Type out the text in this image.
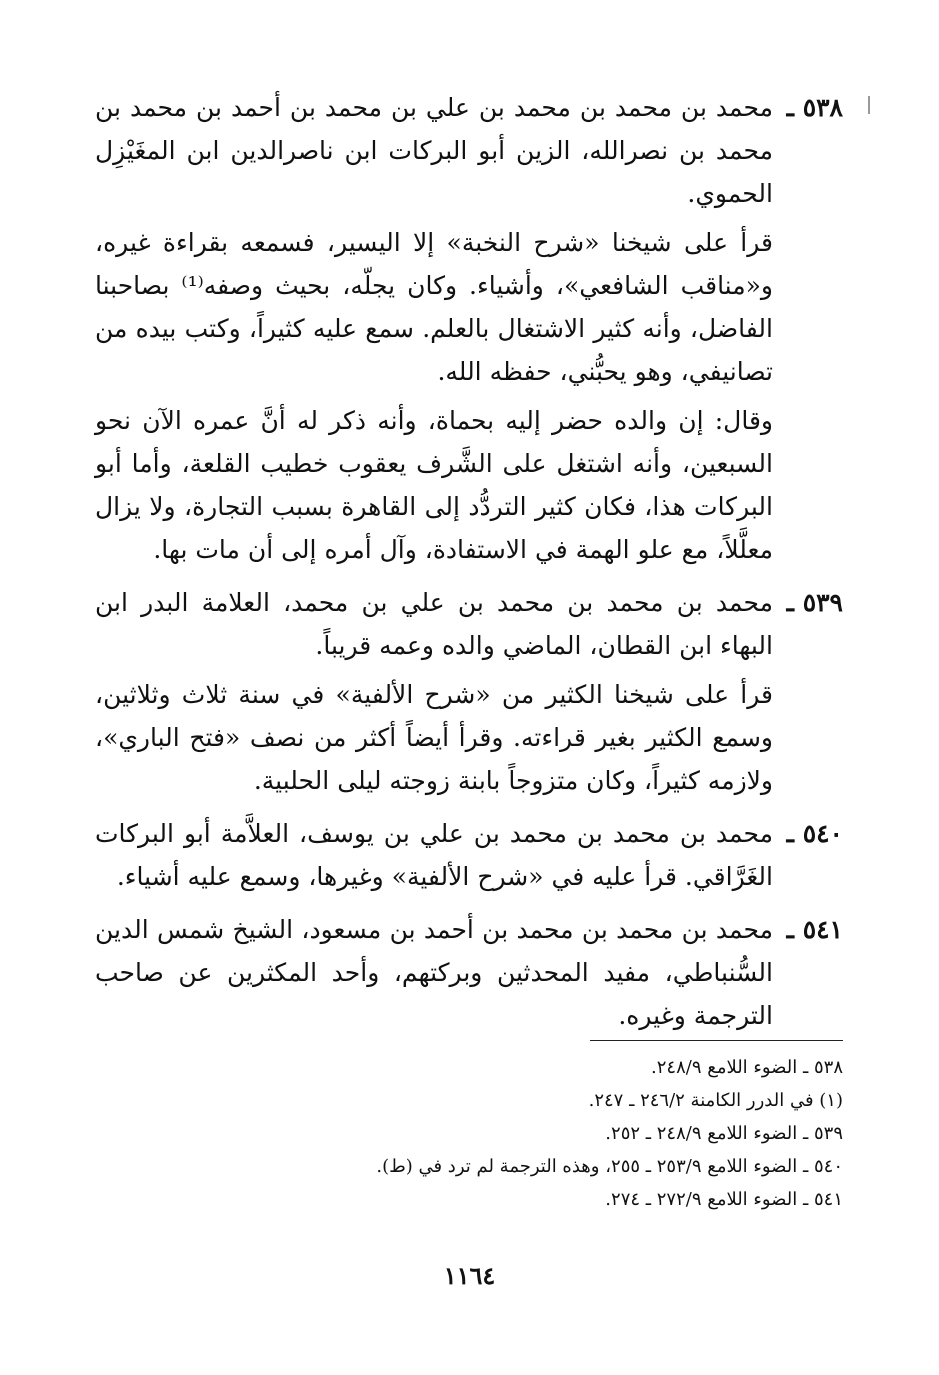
٥٣٨ ـمحمد بن محمد بن محمد بن علي بن محمد بن أحمد بن محمد بن محمد بن نصرالله، الزين أبو البركات ابن ناصرالدين ابن المغَيْزِل الحموي.
قرأ على شيخنا «شرح النخبة» إلا اليسير، فسمعه بقراءة غيره، و«مناقب الشافعي»، وأشياء. وكان يجلّه، بحيث وصفه⁽¹⁾ بصاحبنا الفاضل، وأنه كثير الاشتغال بالعلم. سمع عليه كثيراً، وكتب بيده من تصانيفي، وهو يحبُّني، حفظه الله.
وقال: إن والده حضر إليه بحماة، وأنه ذكر له أنَّ عمره الآن نحو السبعين، وأنه اشتغل على الشَّرف يعقوب خطيب القلعة، وأما أبو البركات هذا، فكان كثير التردُّد إلى القاهرة بسبب التجارة، ولا يزال معلَّلاً، مع علو الهمة في الاستفادة، وآل أمره إلى أن مات بها.
٥٣٩ ـمحمد بن محمد بن محمد بن علي بن محمد، العلامة البدر ابن البهاء ابن القطان، الماضي والده وعمه قريباً.
قرأ على شيخنا الكثير من «شرح الألفية» في سنة ثلاث وثلاثين، وسمع الكثير بغير قراءته. وقرأ أيضاً أكثر من نصف «فتح الباري»، ولازمه كثيراً، وكان متزوجاً بابنة زوجته ليلى الحلبية.
٥٤٠ ـمحمد بن محمد بن محمد بن علي بن يوسف، العلاَّمة أبو البركات الغَرَّاقي. قرأ عليه في «شرح الألفية» وغيرها، وسمع عليه أشياء.
٥٤١ ـمحمد بن محمد بن محمد بن أحمد بن مسعود، الشيخ شمس الدين السُّنباطي، مفيد المحدثين وبركتهم، وأحد المكثرين عن صاحب الترجمة وغيره.
٥٣٨ ـ الضوء اللامع ٢٤٨/٩.
(١) في الدرر الكامنة ٢٤٦/٢ ـ ٢٤٧.
٥٣٩ ـ الضوء اللامع ٢٤٨/٩ ـ ٢٥٢.
٥٤٠ ـ الضوء اللامع ٢٥٣/٩ ـ ٢٥٥، وهذه الترجمة لم ترد في (ط).
٥٤١ ـ الضوء اللامع ٢٧٢/٩ ـ ٢٧٤.
١١٦٤
